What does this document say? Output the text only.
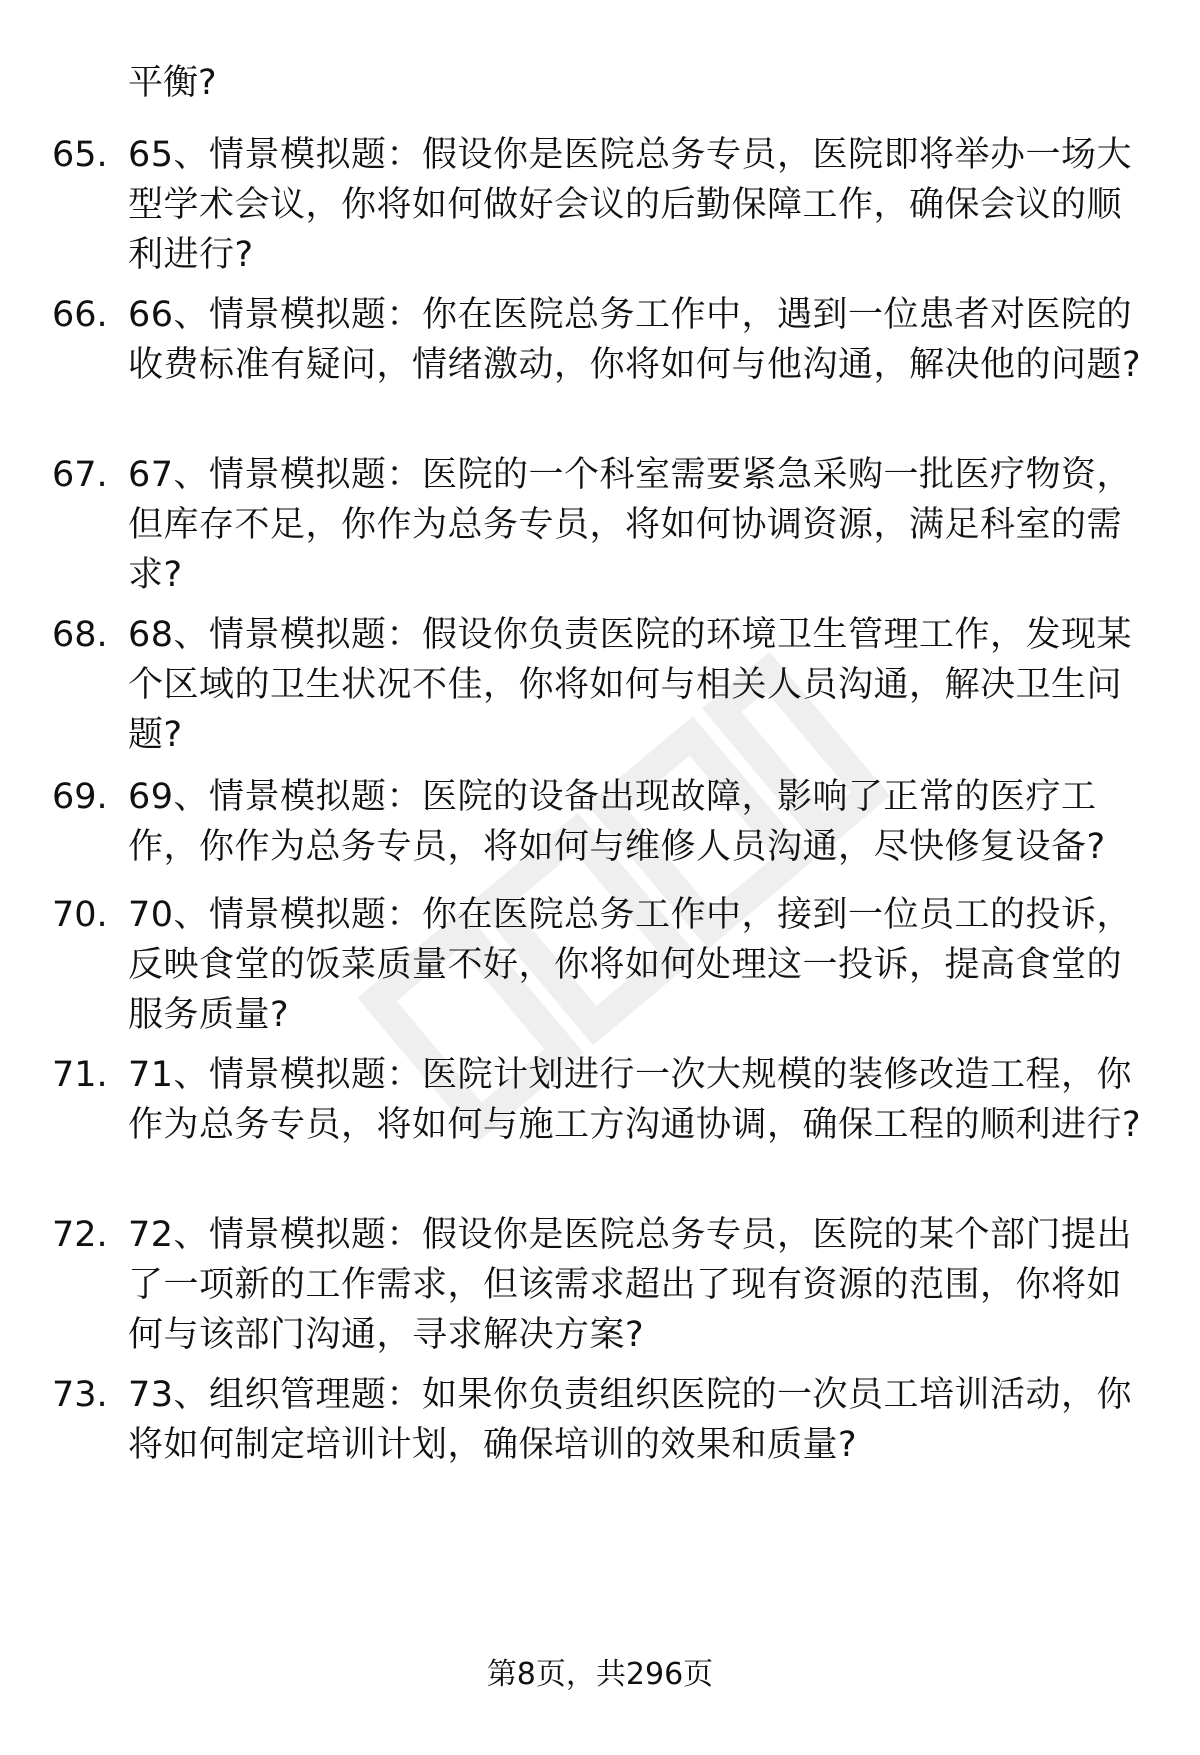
平衡?
65. 65、情景模拟题：假设你是医院总务专员，医院即将举办一场大型学术会议，你将如何做好会议的后勤保障工作，确保会议的顺利进行?
66. 66、情景模拟题：你在医院总务工作中，遇到一位患者对医院的收费标准有疑问，情绪激动，你将如何与他沟通，解决他的问题?
67. 67、情景模拟题：医院的一个科室需要紧急采购一批医疗物资，但库存不足，你作为总务专员，将如何协调资源，满足科室的需求?
68. 68、情景模拟题：假设你负责医院的环境卫生管理工作，发现某个区域的卫生状况不佳，你将如何与相关人员沟通，解决卫生问题?
69. 69、情景模拟题：医院的设备出现故障，影响了正常的医疗工作，你作为总务专员，将如何与维修人员沟通，尽快修复设备?
70. 70、情景模拟题：你在医院总务工作中，接到一位员工的投诉，反映食堂的饭菜质量不好，你将如何处理这一投诉，提高食堂的服务质量?
71. 71、情景模拟题：医院计划进行一次大规模的装修改造工程，你作为总务专员，将如何与施工方沟通协调，确保工程的顺利进行?
72. 72、情景模拟题：假设你是医院总务专员，医院的某个部门提出了一项新的工作需求，但该需求超出了现有资源的范围，你将如何与该部门沟通，寻求解决方案?
73. 73、组织管理题：如果你负责组织医院的一次员工培训活动，你将如何制定培训计划，确保培训的效果和质量?
第8页，共296页
